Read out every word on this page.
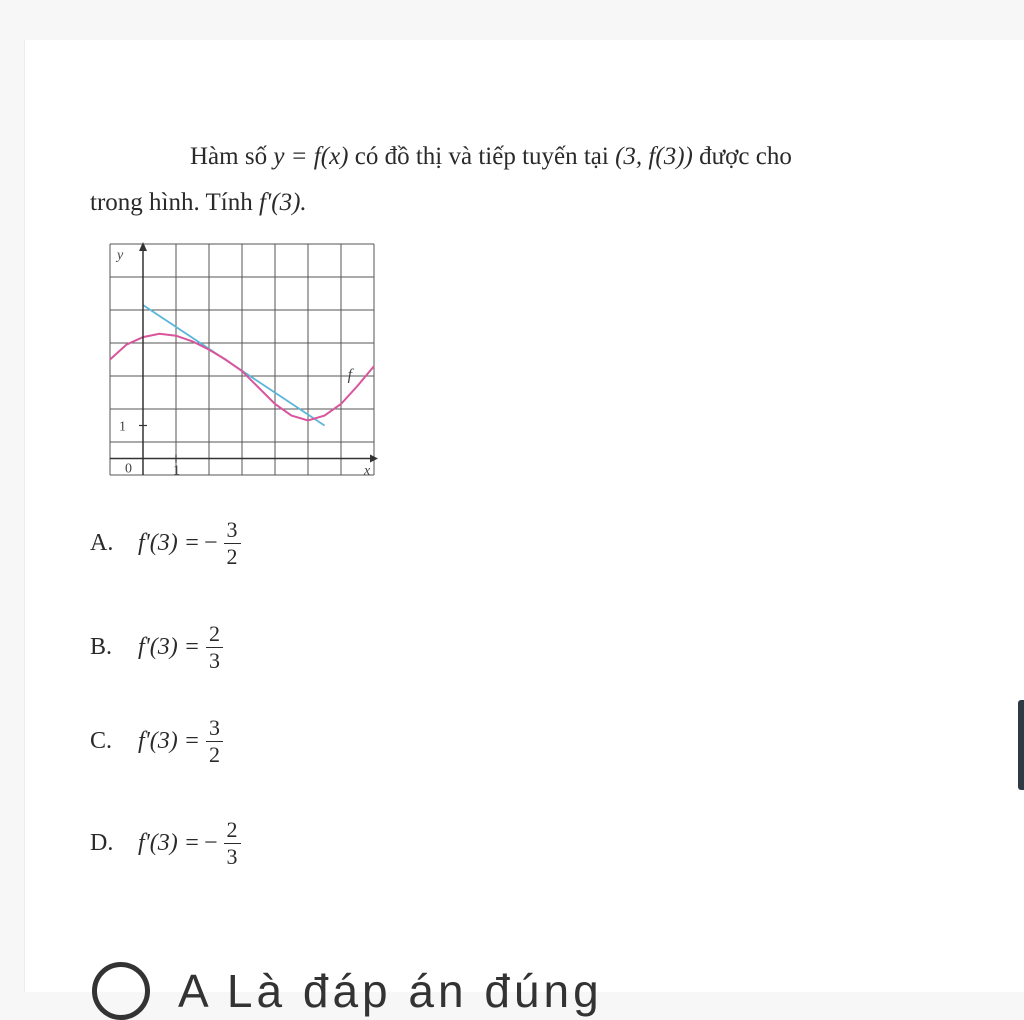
Hàm số y = f(x) có đồ thị và tiếp tuyến tại (3, f(3)) được cho
trong hình. Tính f'(3).
y
x
f
0	1
1
A.	f'(3) = − $\frac{3}{2}$
B.	$f'(3) = \frac{2}{3}$
C.	$f'(3) = \frac{3}{2}$
D.	f'(3) = − $\frac{2}{3}$
A Là đáp án đúng
